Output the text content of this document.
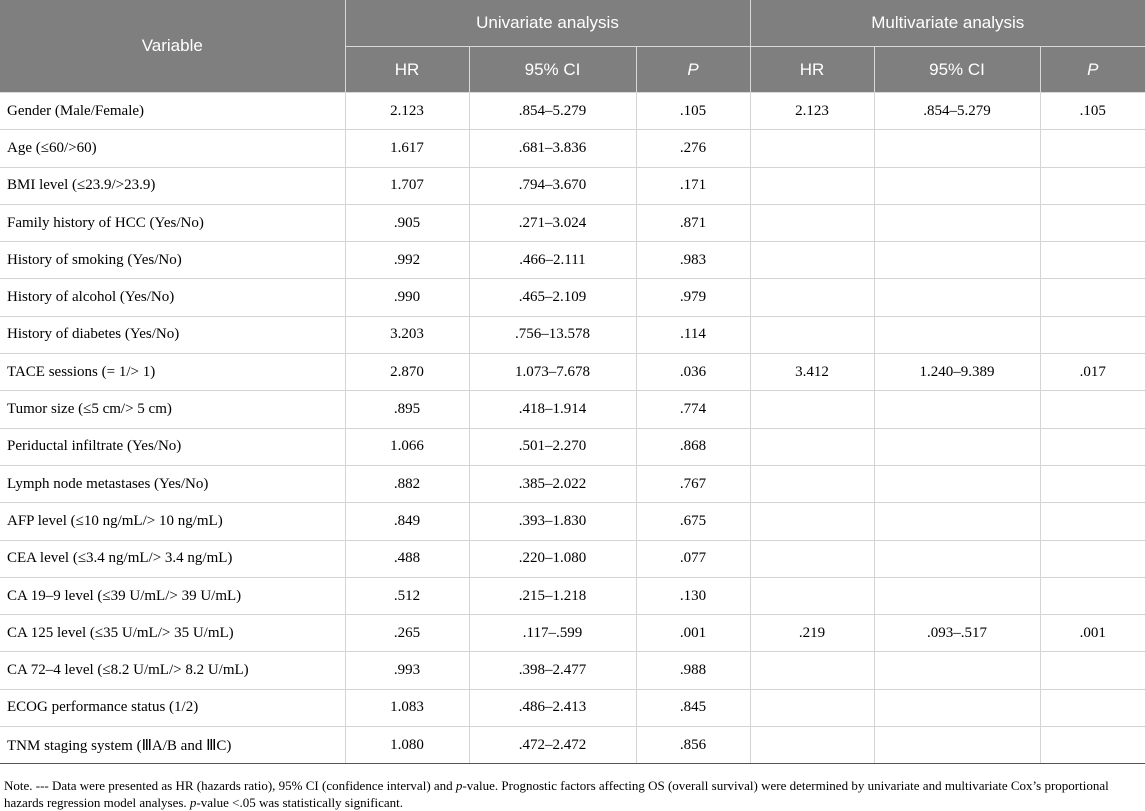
Variable	Univariate analysis			Multivariate analysis		
	HR	95% CI	P	HR	95% CI	P
Gender (Male/Female)	2.123	.854–5.279	.105	2.123	.854–5.279	.105
Age (≤60/>60)	1.617	.681–3.836	.276			
BMI level (≤23.9/>23.9)	1.707	.794–3.670	.171			
Family history of HCC (Yes/No)	.905	.271–3.024	.871			
History of smoking (Yes/No)	.992	.466–2.111	.983			
History of alcohol (Yes/No)	.990	.465–2.109	.979			
History of diabetes (Yes/No)	3.203	.756–13.578	.114			
TACE sessions (= 1/> 1)	2.870	1.073–7.678	.036	3.412	1.240–9.389	.017
Tumor size (≤5 cm/> 5 cm)	.895	.418–1.914	.774			
Periductal infiltrate (Yes/No)	1.066	.501–2.270	.868			
Lymph node metastases (Yes/No)	.882	.385–2.022	.767			
AFP level (≤10 ng/mL/> 10 ng/mL)	.849	.393–1.830	.675			
CEA level (≤3.4 ng/mL/> 3.4 ng/mL)	.488	.220–1.080	.077			
CA 19–9 level (≤39 U/mL/> 39 U/mL)	.512	.215–1.218	.130			
CA 125 level (≤35 U/mL/> 35 U/mL)	.265	.117–.599	.001	.219	.093–.517	.001
CA 72–4 level (≤8.2 U/mL/> 8.2 U/mL)	.993	.398–2.477	.988			
ECOG performance status (1/2)	1.083	.486–2.413	.845			
TNM staging system (ⅢA/B and ⅢC)	1.080	.472–2.472	.856			
Note. --- Data were presented as HR (hazards ratio), 95% CI (confidence interval) and p-value. Prognostic factors affecting OS (overall survival) were determined by univariate and multivariate Cox’s proportional hazards regression model analyses. p-value <.05 was statistically significant.
